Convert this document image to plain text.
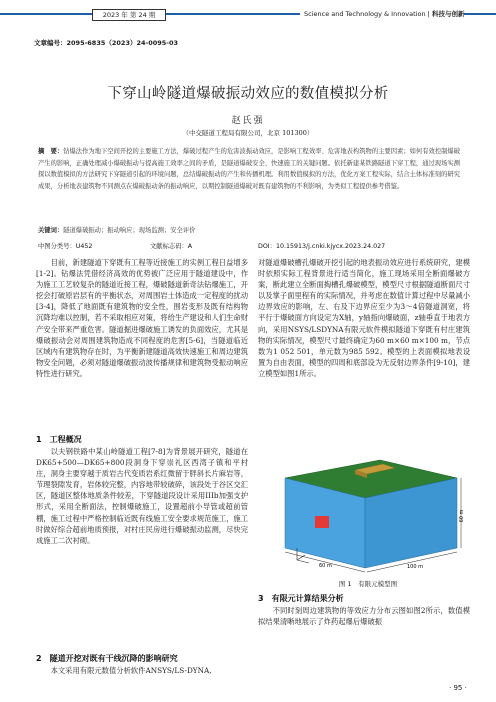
2023 年 第 24 期	Science and Technology & Innovation | 科技与创新
文章编号：2095-6835（2023）24-0095-03
下穿山岭隧道爆破振动效应的数值模拟分析
赵氏强
（中交隧道工程局有限公司，北京 101300）
摘　要：钻爆法作为地下空间开挖的主要施工方法，爆破过程产生的危害波振动效应，是影响工程效率、危害地表构筑物的主要因素；如何有效控制爆破产生的影响，正确处理减小爆破振动与提高施工效率之间的矛盾，是隧道爆破安全、快速施工的关键问题。依托新建某铁路隧道下穿工程，通过现场实测探以数值模拟的方法研究下穿隧道引起的环境问题，总结爆破振动的产生和传播机理。利用数值模拟的方法，优化方案工程实际，结合土体标准刻的研究成果，分析地表建筑物不同测点在爆破振动条的振动响应，以期控制隧道爆破对既有建筑物的不利影响，为类似工程提供参考借鉴。
关键词：隧道爆破振动；振动响应；现场监测；安全评价
中图分类号：U452	文献标志码：A	DOI：10.15913/j.cnki.kjycx.2023.24.027

目前，新建隧道下穿既有工程等近接施工的实例工程日益增多[1-2]。钻爆法凭借经济高效的优势被广泛应用于隧道建设中，作为施工工艺较复杂的隧道近接工程，爆破隧道新奇法钻爆施工，开挖会打破原岩层有的平衡状态，对周围岩土体造成一定程度的扰动[3-4]，降低了地面既有建筑物的安全性，围岩变形及既有结构物沉降均难以控制，若不采取相应对策，将给生产建设和人们生命财产安全带来严重危害。隧道掘进爆破施工诱发的负面效应，尤其是爆破振动会对周围建筑物造成不同程度的危害[5-6]，当隧道临近区域内有建筑物存在时，为平衡新建隧道高效快速施工和周边建筑物安全问题，必须对隧道爆破振动波传播规律和建筑物受振动响应特性进行研究。

1　工程概况

以夫钢铁路中某山岭隧道工程[7-8]为背景展开研究，隧道在DK65+500—DK65+800段洞身下穿崇礼区西湾子镇和平村庄，洞身主要穿越于质岩古代变质岩系红微留于胖斜长片麻岩等，节理裂隙发育，岩体较完整，内容地带较破碎，该段处于谷区交汇区，隧道区整体地质条件较差，下穿隧道段设计采用IIIb加强支护形式，采用全断面法，控制爆破施工，设置超前小导管或超前管棚，施工过程中严格控制临近既有线施工安全要求规范施工，施工时做好综合超前地质预报，对村庄民房进行爆破振动监测，尽快完成施工二次衬砌。

2　隧道开挖对既有干线沉降的影响研究

本文采用有限元数值分析软件ANSYS/LS-DYNA,

对隧道爆破槽孔爆破开挖引起的地表振动效应进行系统研究，建模时依照实际工程背景进行适当简化，施工现场采用全断面爆破方案，断此建立全断面掏槽孔爆破模型，模型尺寸根据隧道断面尺寸以及掌子面里程有的实际情况，并考虑在数值计算过程中尽量减小边界效应的影响，左、右及下边界应至少为3～4倍隧道洞宽，将平行于爆破面方向设定为X轴，y轴指向爆破面，z轴垂直于地表方向，采用NSYS/LSDYNA有限元软件模拟隧道下穿既有村庄建筑物的实际情况，模型尺寸最终确定为60 m×60 m×100 m，节点数为1 052 501，单元数为985 592。模型的上表面模拟地表设置为自由表面，模型的四周和底部设为无反射边界条件[9-10]，建立模型如图1所示。

60 m
60 m	100 m
图 1　有限元模型图
3　有限元计算结果分析

不同时刻周边建筑物的等效应力分布云图如图2所示，数值模拟结果清晰地展示了炸药起爆后爆破振

· 95 ·
